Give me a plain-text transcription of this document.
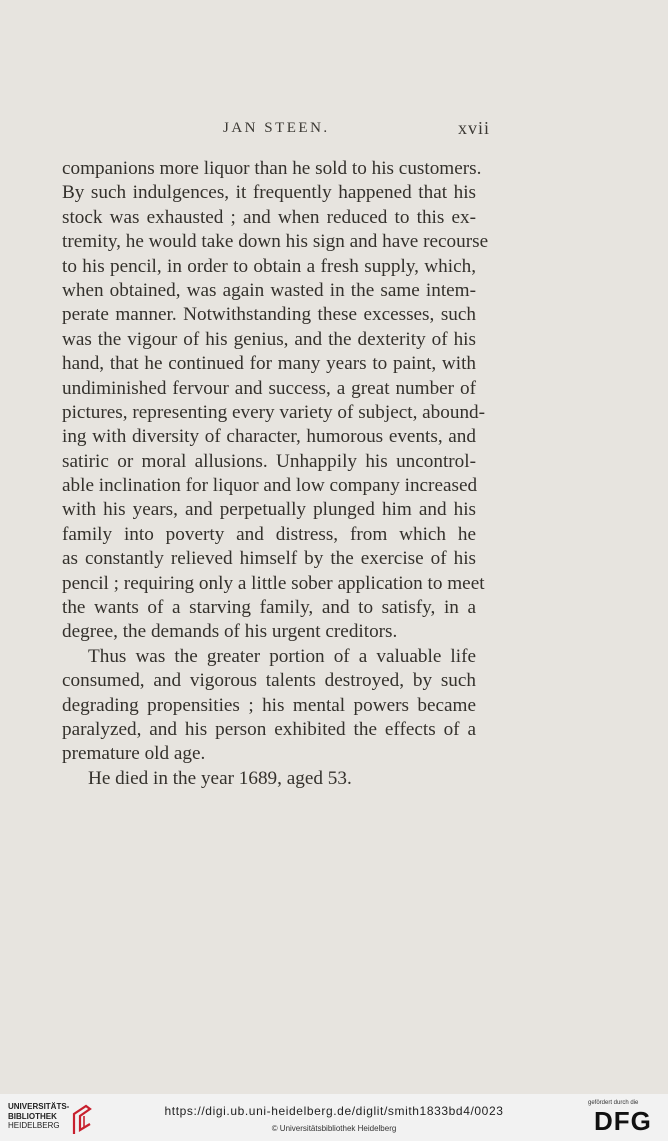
JAN STEEN.	xvii
companions more liquor than he sold to his customers.
By such indulgences, it frequently happened that his
stock was exhausted ; and when reduced to this ex-
tremity, he would take down his sign and have recourse
to his pencil, in order to obtain a fresh supply, which,
when obtained, was again wasted in the same intem-
perate manner. Notwithstanding these excesses, such
was the vigour of his genius, and the dexterity of his
hand, that he continued for many years to paint, with
undiminished fervour and success, a great number of
pictures, representing every variety of subject, abound-
ing with diversity of character, humorous events, and
satiric or moral allusions. Unhappily his uncontrol-
able inclination for liquor and low company increased
with his years, and perpetually plunged him and his
family into poverty and distress, from which he
as constantly relieved himself by the exercise of his
pencil ; requiring only a little sober application to meet
the wants of a starving family, and to satisfy, in a
degree, the demands of his urgent creditors.
Thus was the greater portion of a valuable life
consumed, and vigorous talents destroyed, by such
degrading propensities ; his mental powers became
paralyzed, and his person exhibited the effects of a
premature old age.
He died in the year 1689, aged 53.
UNIVERSITÄTS-
BIBLIOTHEK
HEIDELBERG
https://digi.ub.uni-heidelberg.de/diglit/smith1833bd4/0023
© Universitätsbibliothek Heidelberg
gefördert durch die
DFG
